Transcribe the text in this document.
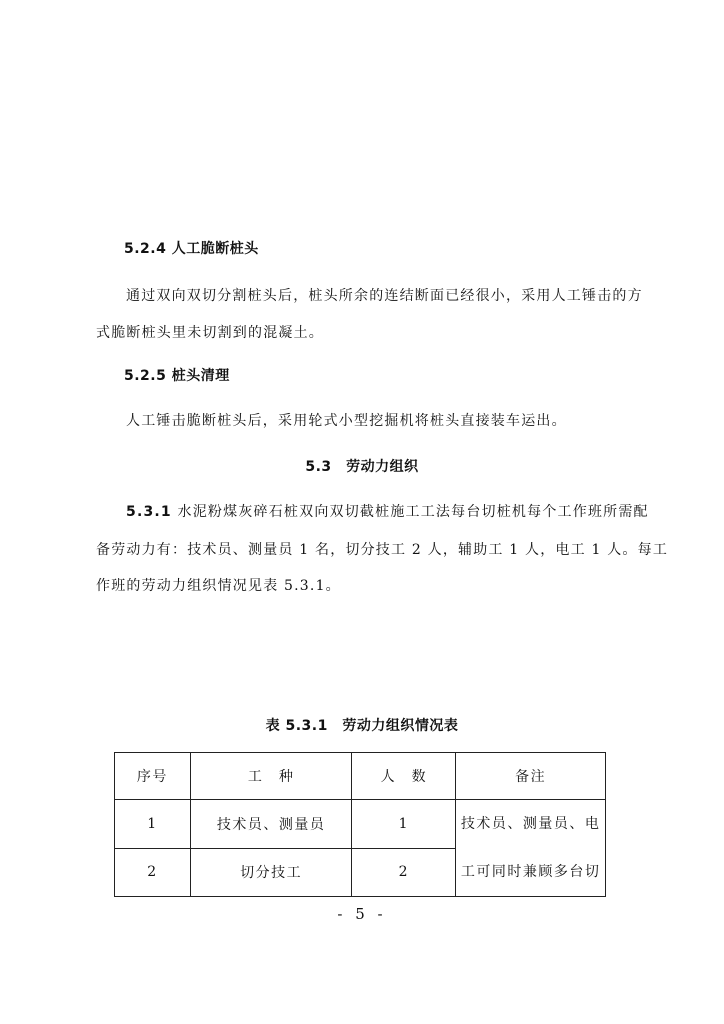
5.2.4 人工脆断桩头
通过双向双切分割桩头后，桩头所余的连结断面已经很小，采用人工锤击的方
式脆断桩头里未切割到的混凝土。
5.2.5 桩头清理
人工锤击脆断桩头后，采用轮式小型挖掘机将桩头直接装车运出。
5.3　劳动力组织
5.3.1 水泥粉煤灰碎石桩双向双切截桩施工工法每台切桩机每个工作班所需配
备劳动力有：技术员、测量员 1 名，切分技工 2 人，辅助工 1 人，电工 1 人。每工
作班的劳动力组织情况见表 5.3.1。
表 5.3.1　劳动力组织情况表
序号	工　种	人　数	备注
1	技术员、测量员	1	技术员、测量员、电
工可同时兼顾多台切

2	切分技工	2	
- 5 -
